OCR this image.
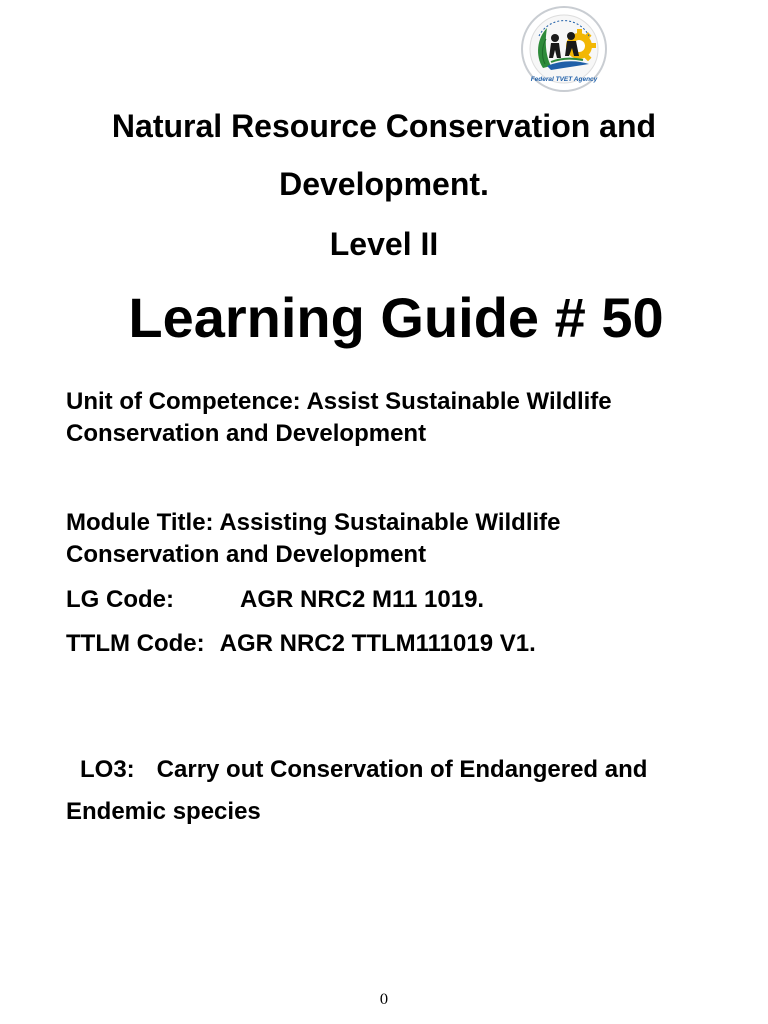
Federal TVET Agency
Natural Resource Conservation and
Development.
Level II
Learning Guide # 50
Unit of Competence: Assist Sustainable Wildlife
Conservation and Development
Module Title: Assisting Sustainable Wildlife
Conservation and Development
LG Code:	AGR NRC2 M11 1019.
TTLM Code: AGR NRC2 TTLM111019 V1.
LO3: Carry out Conservation of Endangered and
Endemic species
0
